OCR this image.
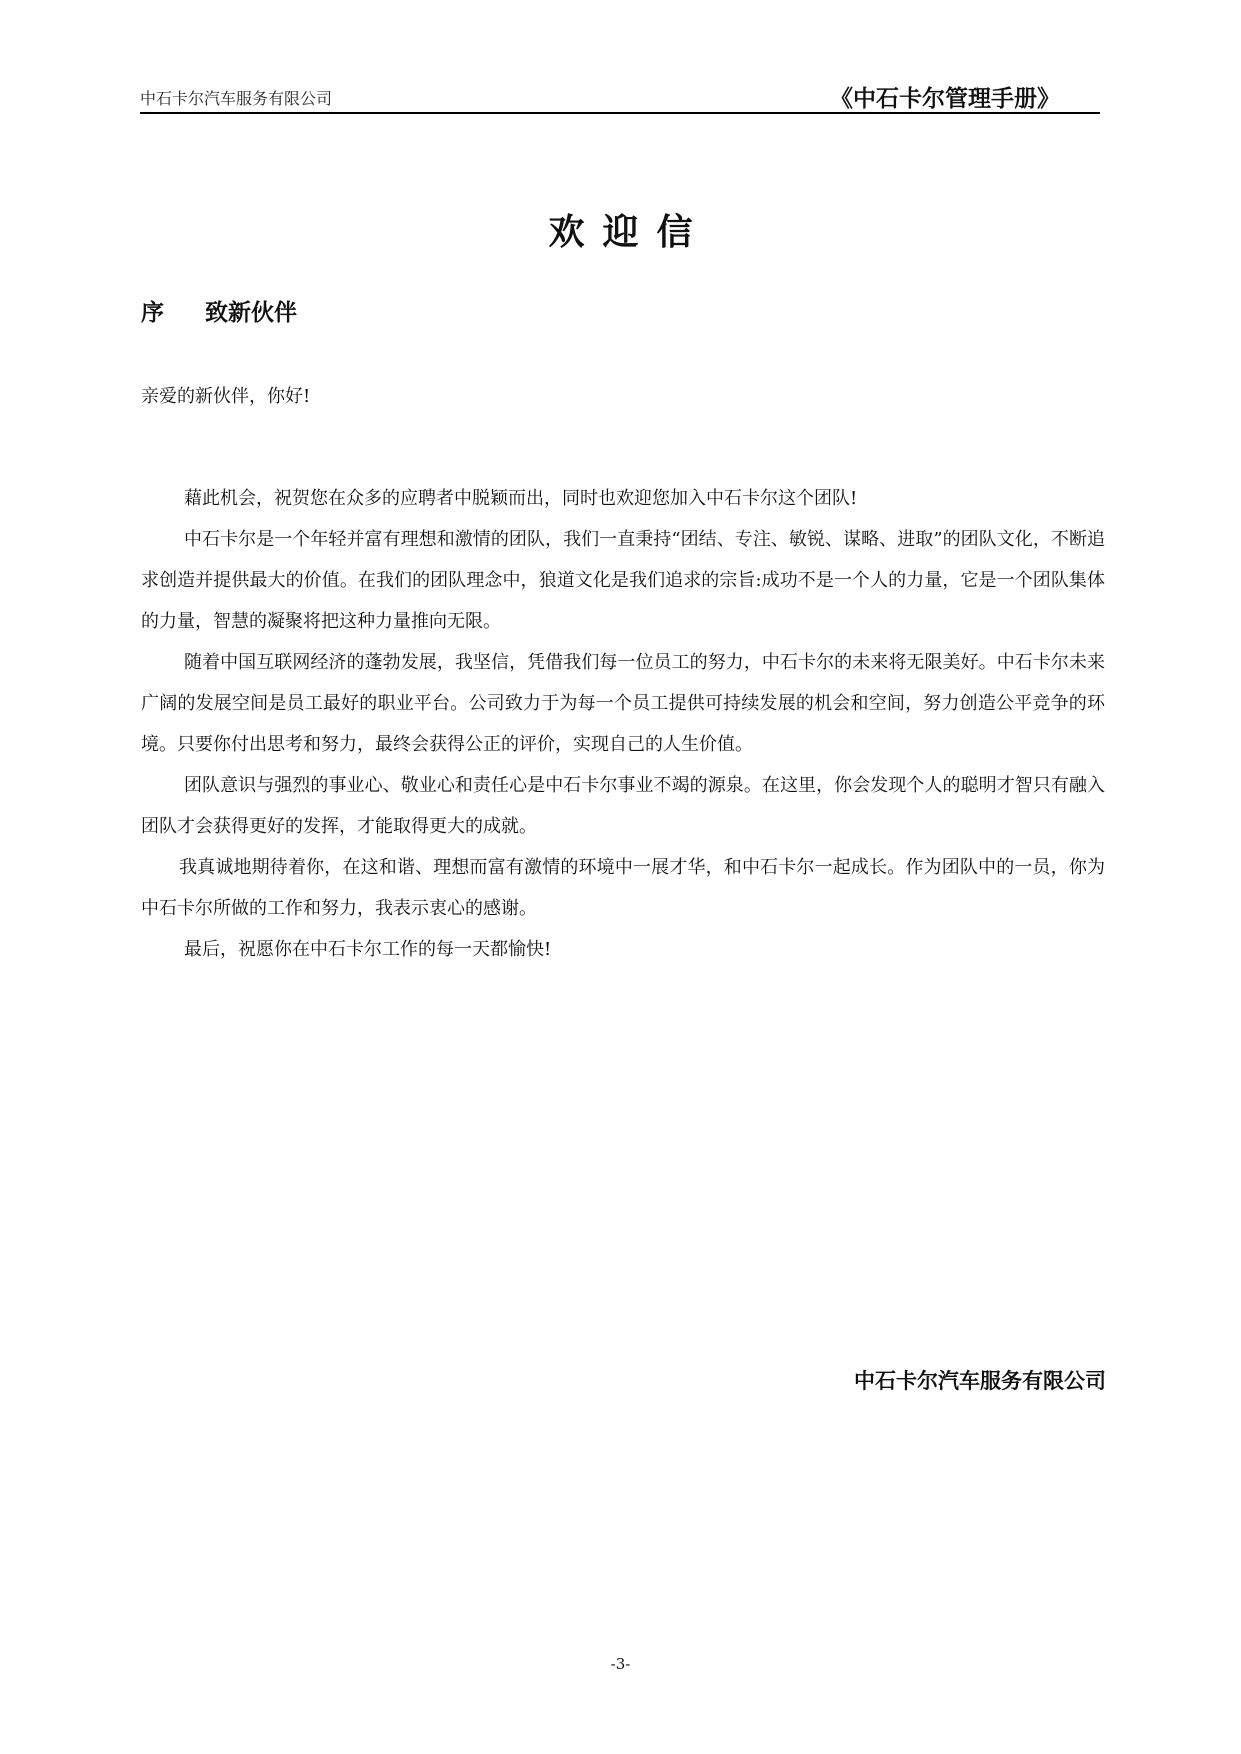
中石卡尔汽车服务有限公司	《中石卡尔管理手册》
欢迎信
序 致新伙伴
亲爱的新伙伴，你好!

藉此机会，祝贺您在众多的应聘者中脱颖而出，同时也欢迎您加入中石卡尔这个团队!

中石卡尔是一个年轻并富有理想和激情的团队，我们一直秉持“团结、专注、敏锐、谋略、进取”的团队文化，不断追求创造并提供最大的价值。在我们的团队理念中，狼道文化是我们追求的宗旨:成功不是一个人的力量，它是一个团队集体的力量，智慧的凝聚将把这种力量推向无限。

随着中国互联网经济的蓬勃发展，我坚信，凭借我们每一位员工的努力，中石卡尔的未来将无限美好。中石卡尔未来广阔的发展空间是员工最好的职业平台。公司致力于为每一个员工提供可持续发展的机会和空间，努力创造公平竞争的环境。只要你付出思考和努力，最终会获得公正的评价，实现自己的人生价值。

团队意识与强烈的事业心、敬业心和责任心是中石卡尔事业不竭的源泉。在这里，你会发现个人的聪明才智只有融入团队才会获得更好的发挥，才能取得更大的成就。

我真诚地期待着你，在这和谐、理想而富有激情的环境中一展才华，和中石卡尔一起成长。作为团队中的一员，你为中石卡尔所做的工作和努力，我表示衷心的感谢。

最后，祝愿你在中石卡尔工作的每一天都愉快!

中石卡尔汽车服务有限公司
-3-
